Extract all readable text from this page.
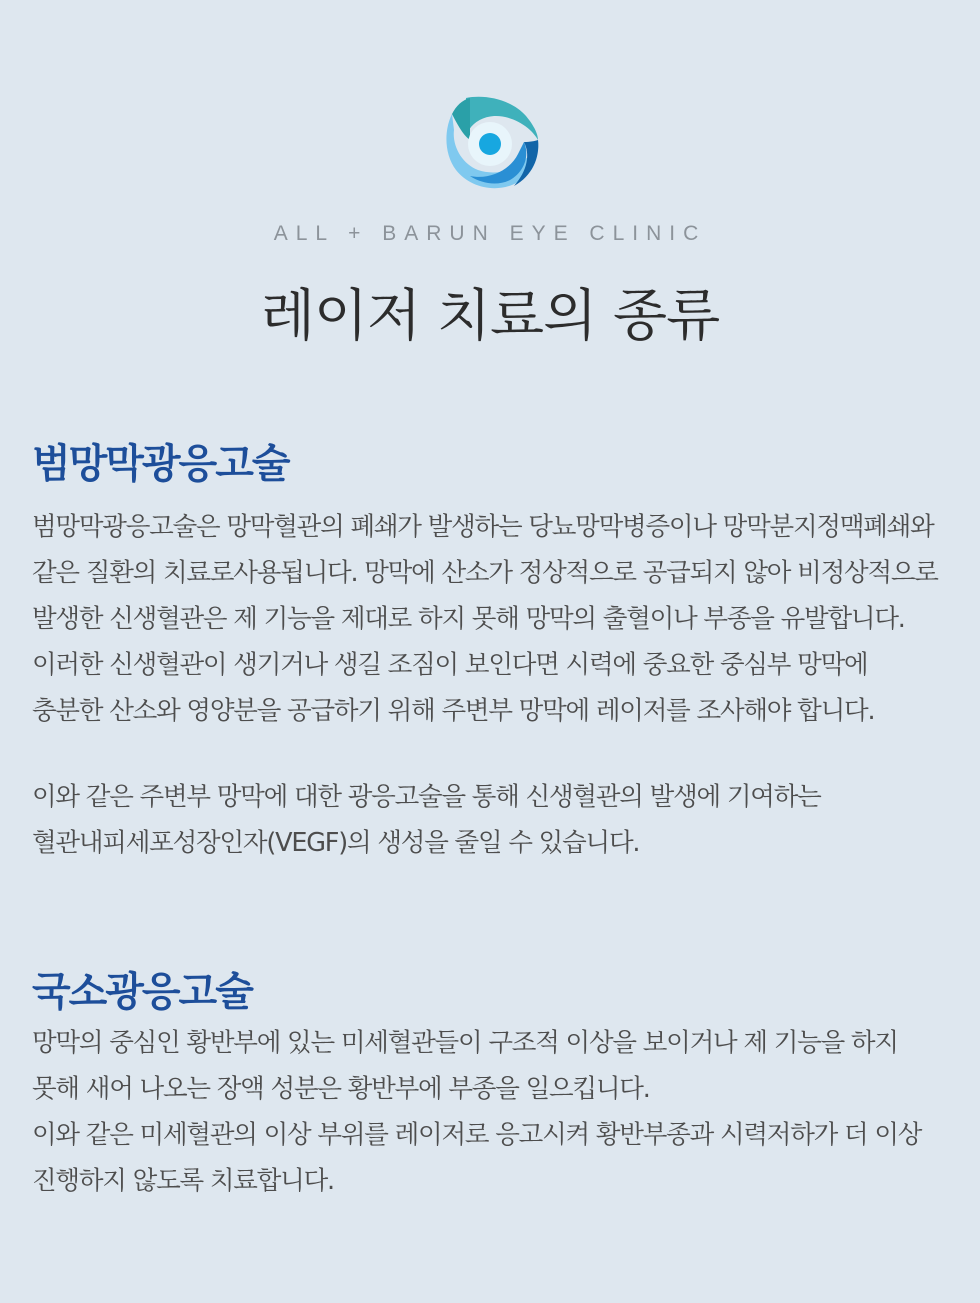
ALL + BARUN EYE CLINIC
레이저 치료의 종류
범망막광응고술

범망막광응고술은 망막혈관의 폐쇄가 발생하는 당뇨망막병증이나 망막분지정맥폐쇄와
같은 질환의 치료로사용됩니다. 망막에 산소가 정상적으로 공급되지 않아 비정상적으로
발생한 신생혈관은 제 기능을 제대로 하지 못해 망막의 출혈이나 부종을 유발합니다.
이러한 신생혈관이 생기거나 생길 조짐이 보인다면 시력에 중요한 중심부 망막에
충분한 산소와 영양분을 공급하기 위해 주변부 망막에 레이저를 조사해야 합니다.

이와 같은 주변부 망막에 대한 광응고술을 통해 신생혈관의 발생에 기여하는
혈관내피세포성장인자(VEGF)의 생성을 줄일 수 있습니다.

국소광응고술

망막의 중심인 황반부에 있는 미세혈관들이 구조적 이상을 보이거나 제 기능을 하지
못해 새어 나오는 장액 성분은 황반부에 부종을 일으킵니다.
이와 같은 미세혈관의 이상 부위를 레이저로 응고시켜 황반부종과 시력저하가 더 이상
진행하지 않도록 치료합니다.
